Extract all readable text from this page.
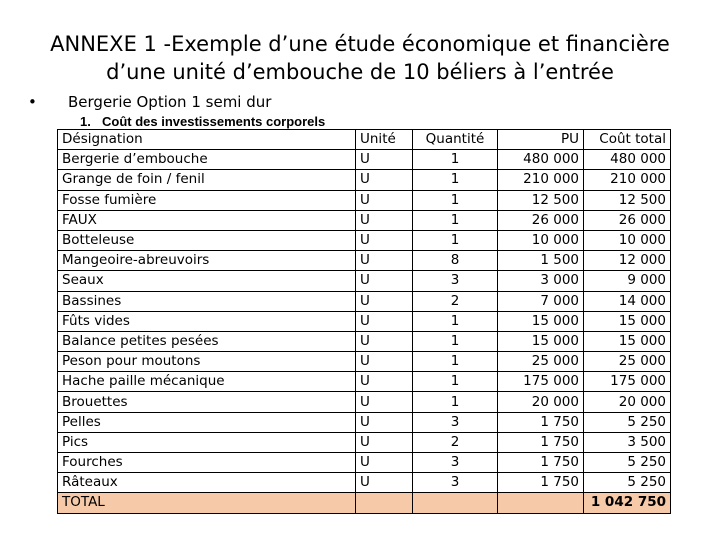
ANNEXE 1 -Exemple d’une étude économique et financière d’une unité d’embouche de 10 béliers à l’entrée
• Bergerie Option 1 semi dur
1. Coût des investissements corporels
Désignation	Unité	Quantité	PU	Coût total
Bergerie d’embouche	U	1	480 000	480 000
Grange de foin / fenil	U	1	210 000	210 000
Fosse fumière	U	1	12 500	12 500
FAUX	U	1	26 000	26 000
Botteleuse	U	1	10 000	10 000
Mangeoire-abreuvoirs	U	8	1 500	12 000
Seaux	U	3	3 000	9 000
Bassines	U	2	7 000	14 000
Fûts vides	U	1	15 000	15 000
Balance petites pesées	U	1	15 000	15 000
Peson pour moutons	U	1	25 000	25 000
Hache paille mécanique	U	1	175 000	175 000
Brouettes	U	1	20 000	20 000
Pelles	U	3	1 750	5 250
Pics	U	2	1 750	3 500
Fourches	U	3	1 750	5 250
Râteaux	U	3	1 750	5 250
TOTAL				1 042 750
